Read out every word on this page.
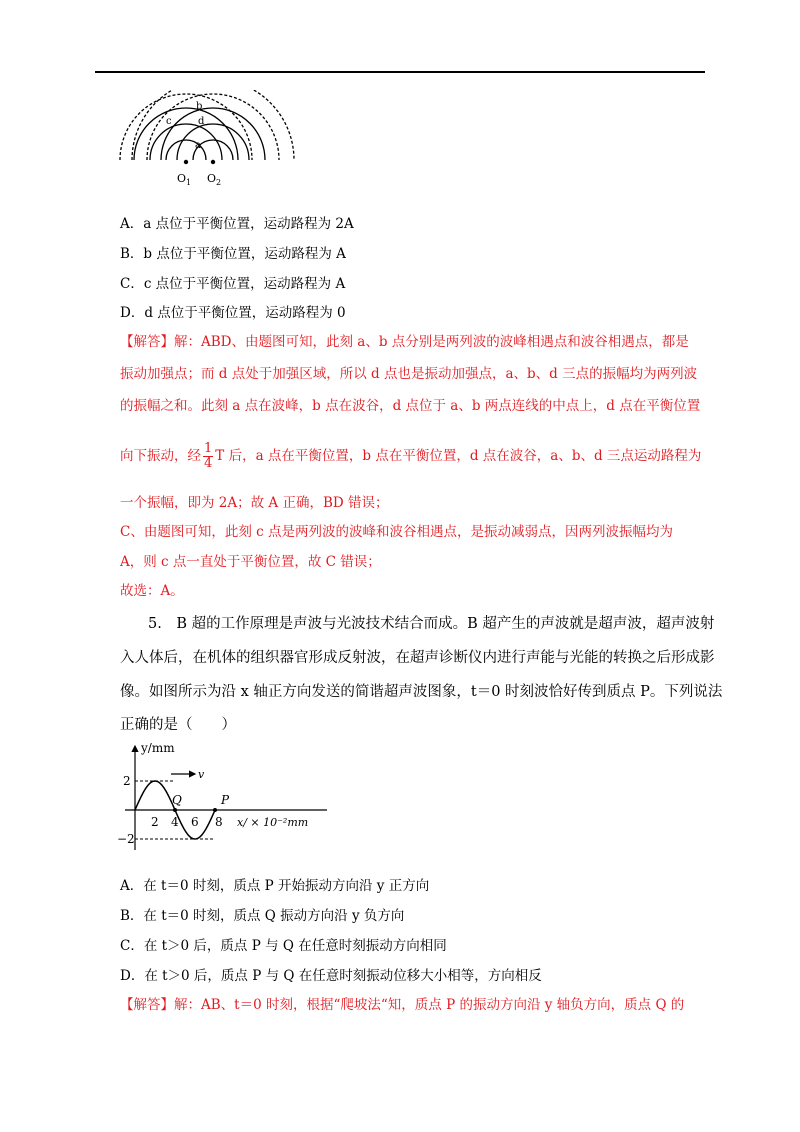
b
c	d
a
O 1 O 2
A．a 点位于平衡位置，运动路程为 2A
B．b 点位于平衡位置，运动路程为 A
C．c 点位于平衡位置，运动路程为 A
D．d 点位于平衡位置，运动路程为 0
【解答】解：ABD、由题图可知，此刻 a、b 点分别是两列波的波峰相遇点和波谷相遇点，都是
振动加强点；而 d 点处于加强区域，所以 d 点也是振动加强点，a、b、d 三点的振幅均为两列波
的振幅之和。此刻 a 点在波峰，b 点在波谷，d 点位于 a、b 两点连线的中点上，d 点在平衡位置
向下振动，经 $\frac{1}{4}$ T 后，a 点在平衡位置，b 点在平衡位置，d 点在波谷，a、b、d 三点运动路程为
一个振幅，即为 2A；故 A 正确，BD 错误；
C、由题图可知，此刻 c 点是两列波的波峰和波谷相遇点，是振动减弱点，因两列波振幅均为
A，则 c 点一直处于平衡位置，故 C 错误；
故选：A。
5.　B 超的工作原理是声波与光波技术结合而成。B 超产生的声波就是超声波，超声波射
入人体后，在机体的组织器官形成反射波，在超声诊断仪内进行声能与光能的转换之后形成影
像。如图所示为沿 x 轴正方向发送的简谐超声波图象，t＝0 时刻波恰好传到质点 P。下列说法
正确的是（　　）
v
y/mm
2
−2
2 4 6 8
Q	P
x/ × 10⁻²mm
A．在 t＝0 时刻，质点 P 开始振动方向沿 y 正方向
B．在 t＝0 时刻，质点 Q 振动方向沿 y 负方向
C．在 t＞0 后，质点 P 与 Q 在任意时刻振动方向相同
D．在 t＞0 后，质点 P 与 Q 在任意时刻振动位移大小相等，方向相反
【解答】解：AB、t＝0 时刻，根据“爬坡法“知，质点 P 的振动方向沿 y 轴负方向，质点 Q 的
